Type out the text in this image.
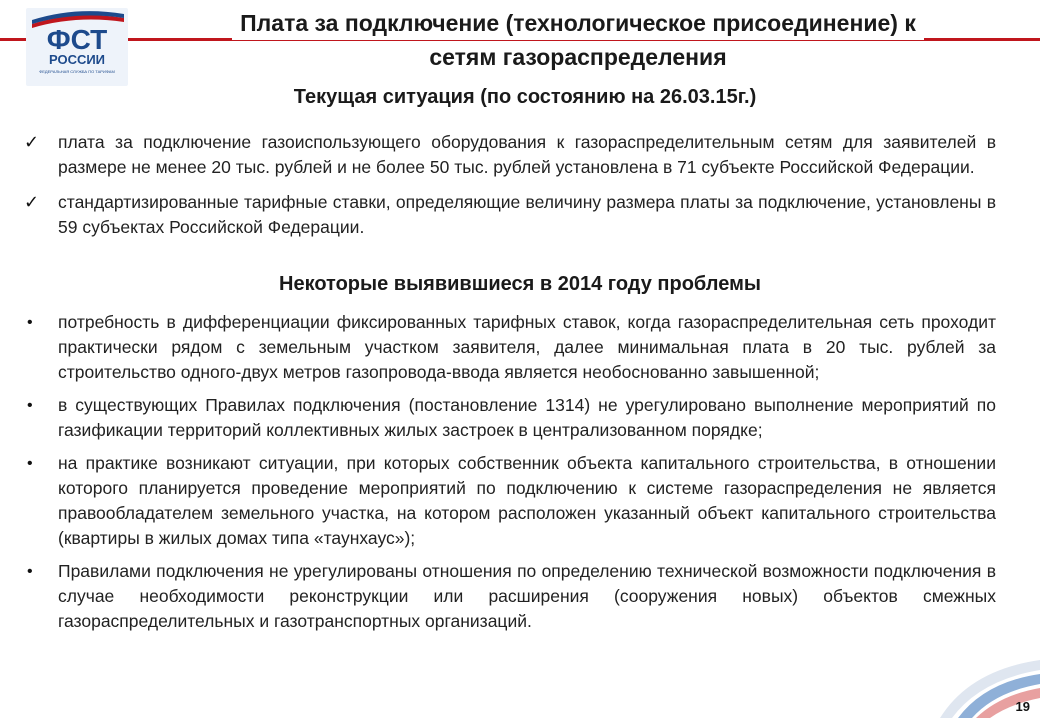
ФСТ
РОССИИ
ФЕДЕРАЛЬНАЯ СЛУЖБА ПО ТАРИФАМ
Плата за подключение (технологическое присоединение) к
сетям газораспределения
Текущая ситуация (по состоянию на 26.03.15г.)
✓ плата за подключение газоиспользующего оборудования к газораспределительным сетям для заявителей в размере не менее 20 тыс. рублей и не более 50 тыс. рублей установлена в 71 субъекте Российской Федерации.
✓ стандартизированные тарифные ставки, определяющие величину размера платы за подключение, установлены в 59 субъектах Российской Федерации.
Некоторые выявившиеся в 2014 году проблемы
• потребность в дифференциации фиксированных тарифных ставок, когда газораспределительная сеть проходит практически рядом с земельным участком заявителя, далее минимальная плата в 20 тыс. рублей за строительство одного-двух метров газопровода-ввода является необоснованно завышенной;
• в существующих Правилах подключения (постановление 1314) не урегулировано выполнение мероприятий по газификации территорий коллективных жилых застроек в централизованном порядке;
• на практике возникают ситуации, при которых собственник объекта капитального строительства, в отношении которого планируется проведение мероприятий по подключению к системе газораспределения не является правообладателем земельного участка, на котором расположен указанный объект капитального строительства (квартиры в жилых домах типа «таунхаус»);
• Правилами подключения не урегулированы отношения по определению технической возможности подключения в случае необходимости реконструкции или расширения (сооружения новых) объектов смежных газораспределительных и газотранспортных организаций.
19
